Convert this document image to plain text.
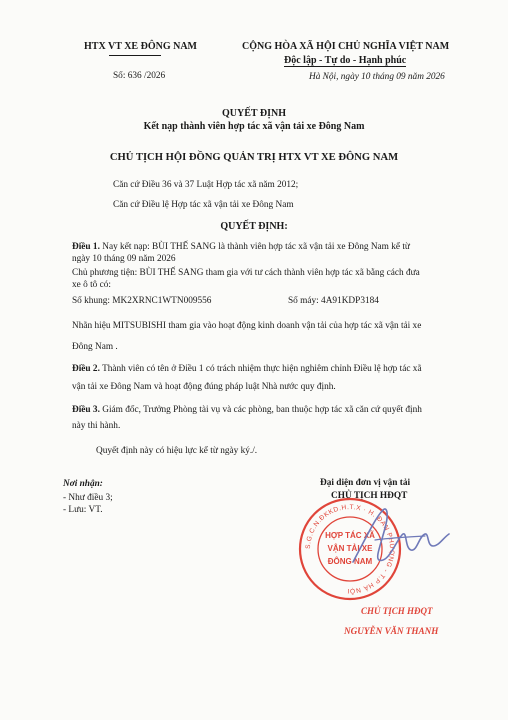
HTX VT XE ĐÔNG NAM
Số: 636 /2026
CỘNG HÒA XÃ HỘI CHỦ NGHĨA VIỆT NAM
Độc lập - Tự do - Hạnh phúc
Hà Nội, ngày 10 tháng 09 năm 2026
QUYẾT ĐỊNH
Kết nạp thành viên hợp tác xã vận tải xe Đông Nam
CHỦ TỊCH HỘI ĐỒNG QUẢN TRỊ HTX VT XE ĐÔNG NAM
Căn cứ Điều 36 và 37 Luật Hợp tác xã năm 2012;
Căn cứ Điều lệ Hợp tác xã vận tải xe Đông Nam
QUYẾT ĐỊNH:
Điều 1. Nay kết nạp: BÙI THẾ SANG là thành viên hợp tác xã vận tải xe Đông Nam kể từ
ngày 10 tháng 09 năm 2026
Chủ phương tiện: BÙI THẾ SANG tham gia với tư cách thành viên hợp tác xã bằng cách đưa
xe ô tô có:
Số khung: MK2XRNC1WTN009556	Số máy: 4A91KDP3184
Nhãn hiệu MITSUBISHI tham gia vào hoạt động kinh doanh vận tải của hợp tác xã vận tải xe
Đông Nam .
Điều 2. Thành viên có tên ở Điều 1 có trách nhiệm thực hiện nghiêm chỉnh Điều lệ hợp tác xã
vận tải xe Đông Nam và hoạt động đúng pháp luật Nhà nước quy định.
Điều 3. Giám đốc, Trưởng Phòng tài vụ và các phòng, ban thuộc hợp tác xã căn cứ quyết định
này thi hành.
Quyết định này có hiệu lực kể từ ngày ký./.
Nơi nhận:
- Như điều 3;
- Lưu: VT.
Đại diện đơn vị vận tải
CHỦ TỊCH HĐQT
S.G.C.N.ĐKKD.H.T.X · H. ĐAN PHƯỢNG - T.P HÀ NỘI
HỢP TÁC XÃ
VẬN TẢI XE
ĐÔNG NAM
CHỦ TỊCH HĐQT
NGUYỄN VĂN THANH
